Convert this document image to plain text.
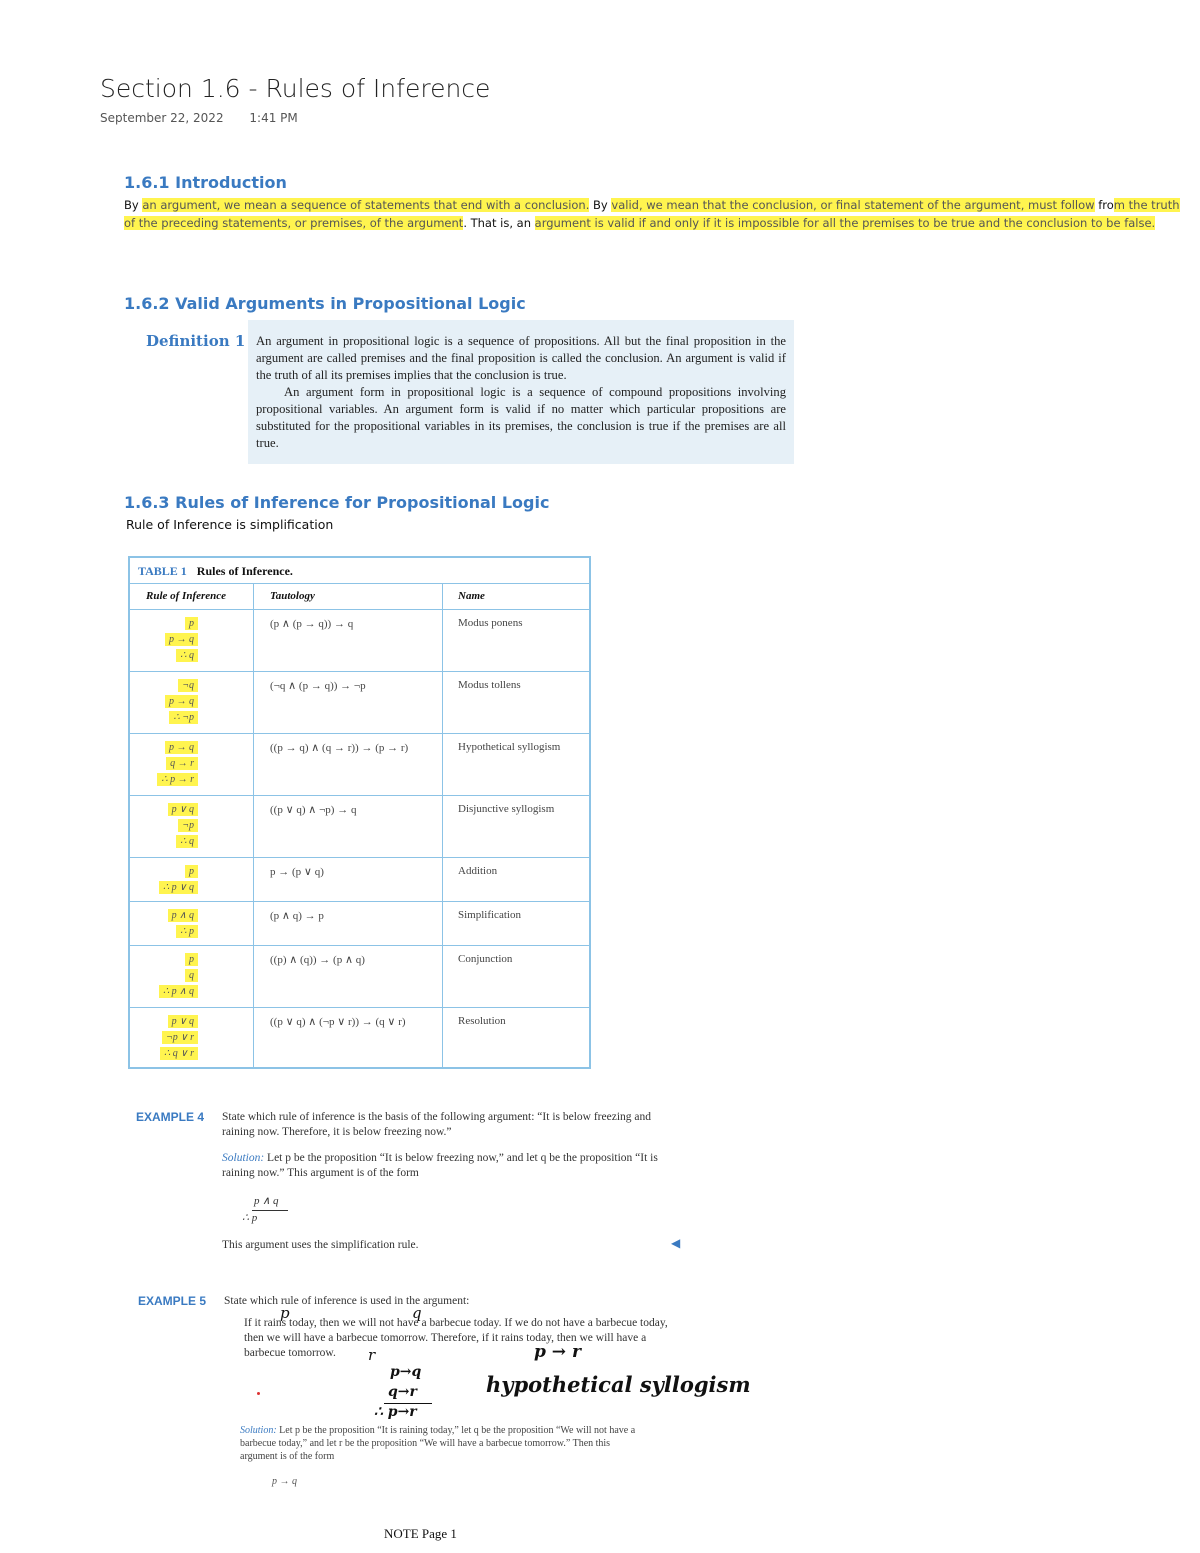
Section 1.6 - Rules of Inference
September 22, 2022 1:41 PM
1.6.1 Introduction
By an argument, we mean a sequence of statements that end with a conclusion. By valid, we mean that the conclusion, or final statement of the argument, must follow from the truth of the preceding statements, or premises, of the argument. That is, an argument is valid if and only if it is impossible for all the premises to be true and the conclusion to be false.
1.6.2 Valid Arguments in Propositional Logic
Definition 1 An argument in propositional logic is a sequence of propositions. All but the final proposition in the argument are called premises and the final proposition is called the conclusion. An argument is valid if the truth of all its premises implies that the conclusion is true.

An argument form in propositional logic is a sequence of compound propositions involving propositional variables. An argument form is valid if no matter which particular propositions are substituted for the propositional variables in its premises, the conclusion is true if the premises are all true.

1.6.3 Rules of Inference for Propositional Logic
Rule of Inference is simplification
TABLE 1 Rules of Inference.
Rule of Inference	Tautology	Name
p
p → q
∴ q
(p ∧ (p → q)) → q	Modus ponens
¬q
p → q
∴ ¬p
(¬q ∧ (p → q)) → ¬p	Modus tollens
p → q
q → r
∴ p → r
((p → q) ∧ (q → r)) → (p → r)	Hypothetical syllogism
p ∨ q
¬p
∴ q
((p ∨ q) ∧ ¬p) → q	Disjunctive syllogism
p
∴ p ∨ q
p → (p ∨ q)	Addition
p ∧ q
∴ p
(p ∧ q) → p	Simplification
p
q
∴ p ∧ q
((p) ∧ (q)) → (p ∧ q)	Conjunction
p ∨ q
¬p ∨ r
∴ q ∨ r
((p ∨ q) ∧ (¬p ∨ r)) → (q ∨ r)	Resolution
EXAMPLE 4 State which rule of inference is the basis of the following argument: “It is below freezing and raining now. Therefore, it is below freezing now.”
Solution: Let p be the proposition “It is below freezing now,” and let q be the proposition “It is raining now.” This argument is of the form
p ∧ q
∴ p
This argument uses the simplification rule.	◀
EXAMPLE 5 State which rule of inference is used in the argument:
If it rains today, then we will not have a barbecue today. If we do not have a barbecue today, then we will have a barbecue tomorrow. Therefore, if it rains today, then we will have a barbecue tomorrow.
p	q
r	p → r
p→q
q→r
∴ p→r
hypothetical syllogism
Solution: Let p be the proposition “It is raining today,” let q be the proposition “We will not have a barbecue today,” and let r be the proposition “We will have a barbecue tomorrow.” Then this argument is of the form
p → q
NOTE Page 1
